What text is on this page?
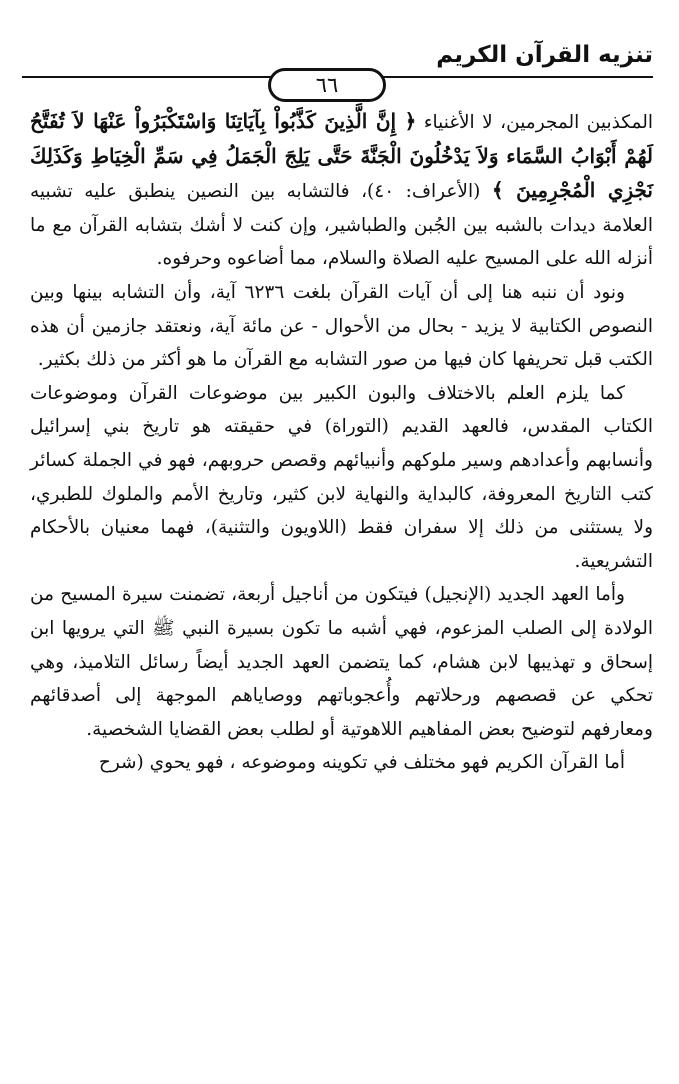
تنزيه القرآن الكريم
٦٦

المكذبين المجرمين، لا الأغنياء ﴿ إِنَّ الَّذِينَ كَذَّبُواْ بِآيَاتِنَا وَاسْتَكْبَرُواْ عَنْهَا لاَ تُفَتَّحُ لَهُمْ أَبْوَابُ السَّمَاء وَلاَ يَدْخُلُونَ الْجَنَّةَ حَتَّى يَلِجَ الْجَمَلُ فِي سَمِّ الْخِيَاطِ وَكَذَلِكَ نَجْزِي الْمُجْرِمِينَ ﴾ (الأعراف: ٤٠)، فالتشابه بين النصين ينطبق عليه تشبيه العلامة ديدات بالشبه بين الجُبن والطباشير، وإن كنت لا أشك بتشابه القرآن مع ما أنزله الله على المسيح عليه الصلاة والسلام، مما أضاعوه وحرفوه.

ونود أن ننبه هنا إلى أن آيات القرآن بلغت ٦٢٣٦ آية، وأن التشابه بينها وبين النصوص الكتابية لا يزيد - بحال من الأحوال - عن مائة آية، ونعتقد جازمين أن هذه الكتب قبل تحريفها كان فيها من صور التشابه مع القرآن ما هو أكثر من ذلك بكثير.

كما يلزم العلم بالاختلاف والبون الكبير بين موضوعات القرآن وموضوعات الكتاب المقدس، فالعهد القديم (التوراة) في حقيقته هو تاريخ بني إسرائيل وأنسابهم وأعدادهم وسير ملوكهم وأنبيائهم وقصص حروبهم، فهو في الجملة كسائر كتب التاريخ المعروفة، كالبداية والنهاية لابن كثير، وتاريخ الأمم والملوك للطبري، ولا يستثنى من ذلك إلا سفران فقط (اللاويون والتثنية)، فهما معنيان بالأحكام التشريعية.

وأما العهد الجديد (الإنجيل) فيتكون من أناجيل أربعة، تضمنت سيرة المسيح من الولادة إلى الصلب المزعوم، فهي أشبه ما تكون بسيرة النبي ﷺ التي يرويها ابن إسحاق و تهذيبها لابن هشام، كما يتضمن العهد الجديد أيضاً رسائل التلاميذ، وهي تحكي عن قصصهم ورحلاتهم وأُعجوباتهم ووصاياهم الموجهة إلى أصدقائهم ومعارفهم لتوضيح بعض المفاهيم اللاهوتية أو لطلب بعض القضايا الشخصية.

أما القرآن الكريم فهو مختلف في تكوينه وموضوعه ، فهو يحوي (شرح
